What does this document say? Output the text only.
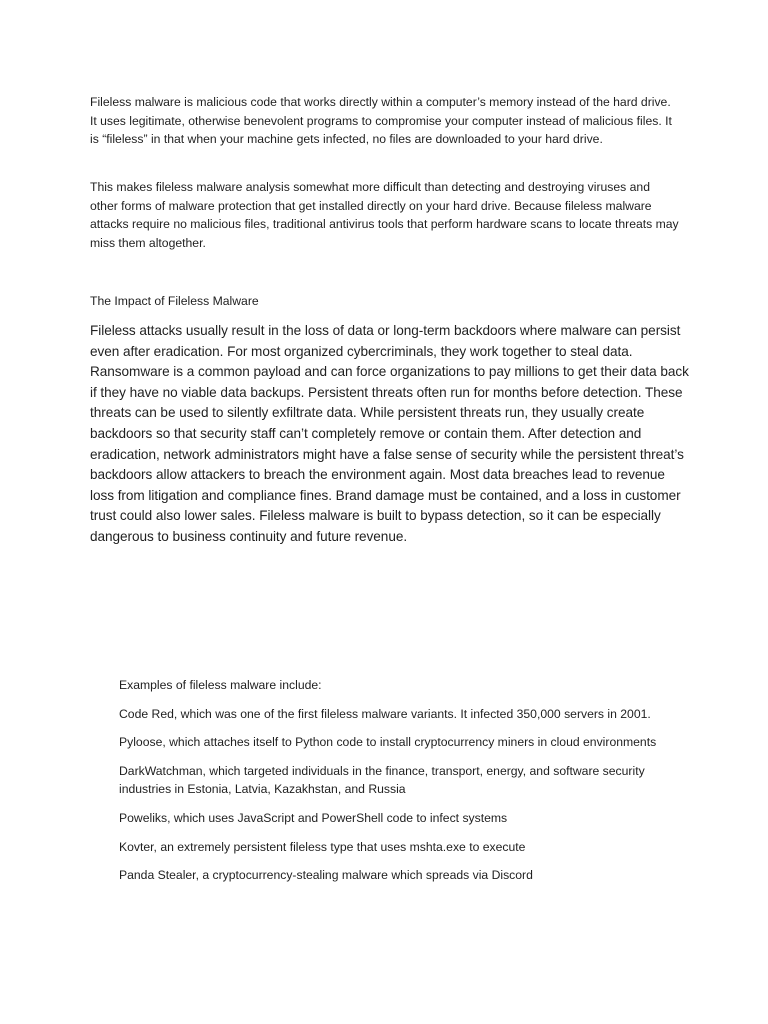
Fileless malware is malicious code that works directly within a computer’s memory instead of the hard drive. It uses legitimate, otherwise benevolent programs to compromise your computer instead of malicious files. It is “fileless” in that when your machine gets infected, no files are downloaded to your hard drive.

This makes fileless malware analysis somewhat more difficult than detecting and destroying viruses and other forms of malware protection that get installed directly on your hard drive. Because fileless malware attacks require no malicious files, traditional antivirus tools that perform hardware scans to locate threats may miss them altogether.

The Impact of Fileless Malware

Fileless attacks usually result in the loss of data or long-term backdoors where malware can persist even after eradication. For most organized cybercriminals, they work together to steal data. Ransomware is a common payload and can force organizations to pay millions to get their data back if they have no viable data backups. Persistent threats often run for months before detection. These threats can be used to silently exfiltrate data. While persistent threats run, they usually create backdoors so that security staff can’t completely remove or contain them. After detection and eradication, network administrators might have a false sense of security while the persistent threat’s backdoors allow attackers to breach the environment again. Most data breaches lead to revenue loss from litigation and compliance fines. Brand damage must be contained, and a loss in customer trust could also lower sales. Fileless malware is built to bypass detection, so it can be especially dangerous to business continuity and future revenue.

Examples of fileless malware include:

Code Red, which was one of the first fileless malware variants. It infected 350,000 servers in 2001.

Pyloose, which attaches itself to Python code to install cryptocurrency miners in cloud environments

DarkWatchman, which targeted individuals in the finance, transport, energy, and software security industries in Estonia, Latvia, Kazakhstan, and Russia

Poweliks, which uses JavaScript and PowerShell code to infect systems

Kovter, an extremely persistent fileless type that uses mshta.exe to execute

Panda Stealer, a cryptocurrency-stealing malware which spreads via Discord
